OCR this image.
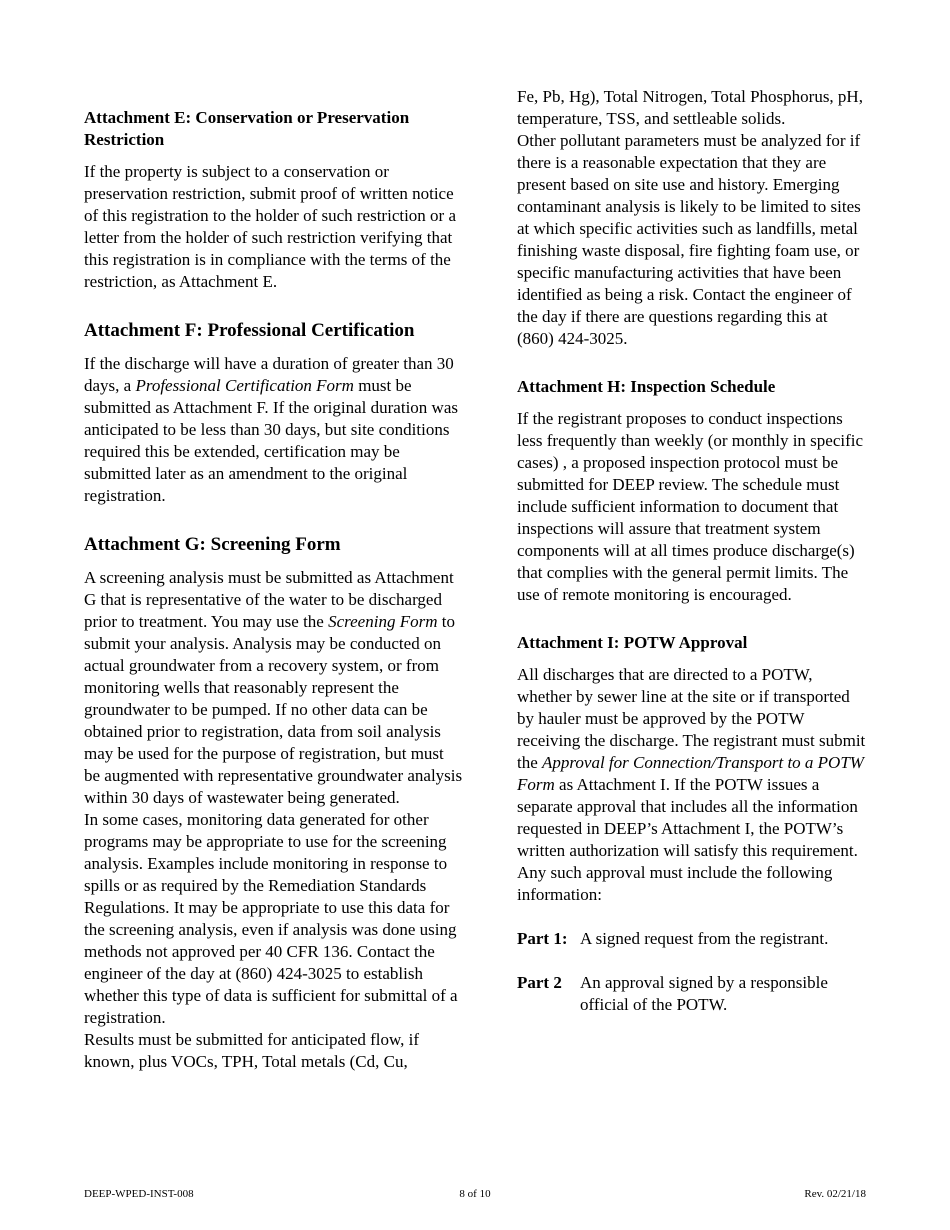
Attachment E: Conservation or Preservation Restriction

If the property is subject to a conservation or preservation restriction, submit proof of written notice of this registration to the holder of such restriction or a letter from the holder of such restriction verifying that this registration is in compliance with the terms of the restriction, as Attachment E.

Attachment F: Professional Certification

If the discharge will have a duration of greater than 30 days, a Professional Certification Form must be submitted as Attachment F. If the original duration was anticipated to be less than 30 days, but site conditions required this be extended, certification may be submitted later as an amendment to the original registration.

Attachment G: Screening Form

A screening analysis must be submitted as Attachment G that is representative of the water to be discharged prior to treatment. You may use the Screening Form to submit your analysis. Analysis may be conducted on actual groundwater from a recovery system, or from monitoring wells that reasonably represent the groundwater to be pumped. If no other data can be obtained prior to registration, data from soil analysis may be used for the purpose of registration, but must be augmented with representative groundwater analysis within 30 days of wastewater being generated.

In some cases, monitoring data generated for other programs may be appropriate to use for the screening analysis. Examples include monitoring in response to spills or as required by the Remediation Standards Regulations. It may be appropriate to use this data for the screening analysis, even if analysis was done using methods not approved per 40 CFR 136. Contact the engineer of the day at (860) 424-3025 to establish whether this type of data is sufficient for submittal of a registration.

Results must be submitted for anticipated flow, if known, plus VOCs, TPH, Total metals (Cd, Cu,

Fe, Pb, Hg), Total Nitrogen, Total Phosphorus, pH, temperature, TSS, and settleable solids.

Other pollutant parameters must be analyzed for if there is a reasonable expectation that they are present based on site use and history. Emerging contaminant analysis is likely to be limited to sites at which specific activities such as landfills, metal finishing waste disposal, fire fighting foam use, or specific manufacturing activities that have been identified as being a risk. Contact the engineer of the day if there are questions regarding this at (860) 424-3025.

Attachment H: Inspection Schedule

If the registrant proposes to conduct inspections

less frequently than weekly (or monthly in specific cases) , a proposed inspection protocol must be submitted for DEEP review. The schedule must include sufficient information to document that inspections will assure that treatment system components will at all times produce discharge(s) that complies with the general permit limits. The use of remote monitoring is encouraged.

Attachment I: POTW Approval

All discharges that are directed to a POTW, whether by sewer line at the site or if transported by hauler must be approved by the POTW receiving the discharge. The registrant must submit the Approval for Connection/Transport to a POTW Form as Attachment I. If the POTW issues a separate approval that includes all the information requested in DEEP’s Attachment I, the POTW’s written authorization will satisfy this requirement.

Any such approval must include the following information:

Part 1: A signed request from the registrant.
Part 2	An approval signed by a responsible official of the POTW.
8 of 10
DEEP-WPED-INST-008	Rev. 02/21/18
